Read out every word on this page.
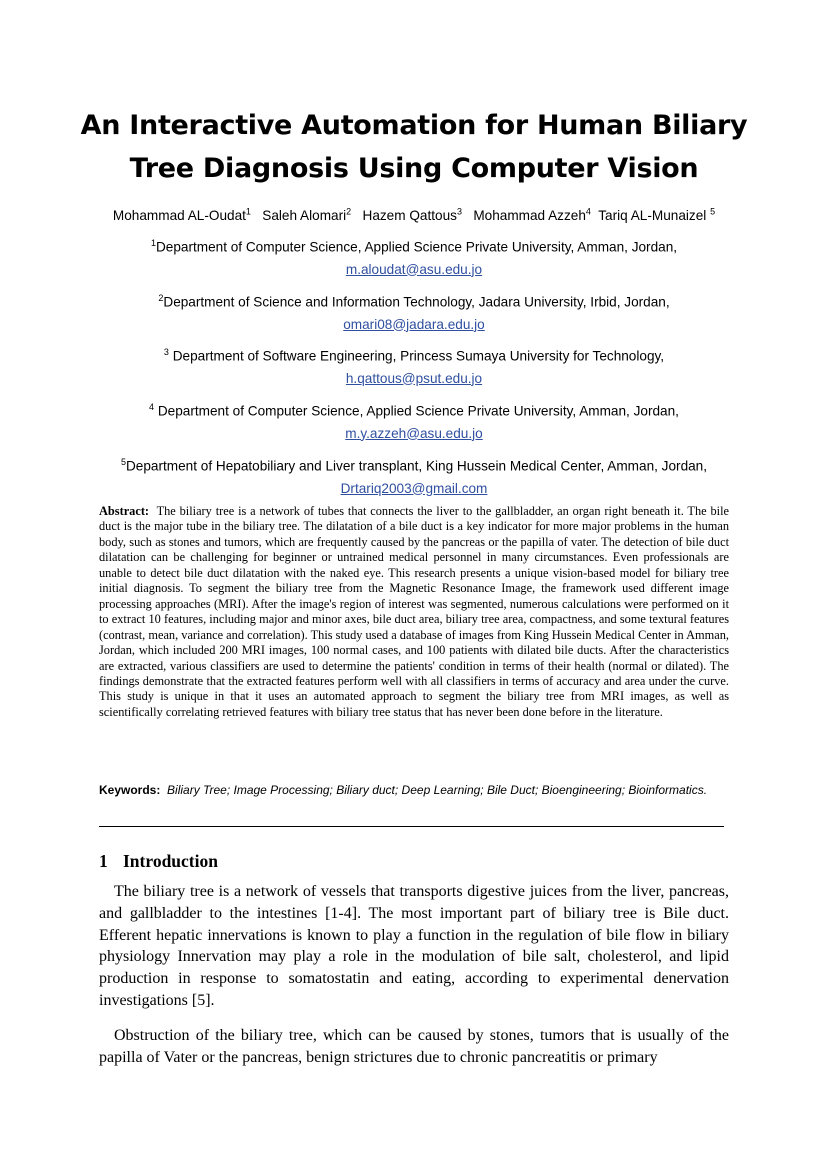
An Interactive Automation for Human Biliary
Tree Diagnosis Using Computer Vision
Mohammad AL-Oudat$^1$ Saleh Alomari$^2$ Hazem Qattous$^3$ Mohammad Azzeh$^4$ Tariq AL-Munaizel $^5$
$^1$Department of Computer Science, Applied Science Private University, Amman, Jordan,
m.aloudat@asu.edu.jo
$^2$Department of Science and Information Technology, Jadara University, Irbid, Jordan,
omari08@jadara.edu.jo
$^3$ Department of Software Engineering, Princess Sumaya University for Technology,
h.qattous@psut.edu.jo
$^4$ Department of Computer Science, Applied Science Private University, Amman, Jordan,
m.y.azzeh@asu.edu.jo
$^5$Department of Hepatobiliary and Liver transplant, King Hussein Medical Center, Amman, Jordan,
Drtariq2003@gmail.com
Abstract: The biliary tree is a network of tubes that connects the liver to the gallbladder, an organ right beneath it. The bile duct is the major tube in the biliary tree. The dilatation of a bile duct is a key indicator for more major problems in the human body, such as stones and tumors, which are frequently caused by the pancreas or the papilla of vater. The detection of bile duct dilatation can be challenging for beginner or untrained medical personnel in many circumstances. Even professionals are unable to detect bile duct dilatation with the naked eye. This research presents a unique vision-based model for biliary tree initial diagnosis. To segment the biliary tree from the Magnetic Resonance Image, the framework used different image processing approaches (MRI). After the image's region of interest was segmented, numerous calculations were performed on it to extract 10 features, including major and minor axes, bile duct area, biliary tree area, compactness, and some textural features (contrast, mean, variance and correlation). This study used a database of images from King Hussein Medical Center in Amman, Jordan, which included 200 MRI images, 100 normal cases, and 100 patients with dilated bile ducts. After the characteristics are extracted, various classifiers are used to determine the patients' condition in terms of their health (normal or dilated). The findings demonstrate that the extracted features perform well with all classifiers in terms of accuracy and area under the curve. This study is unique in that it uses an automated approach to segment the biliary tree from MRI images, as well as scientifically correlating retrieved features with biliary tree status that has never been done before in the literature.
Keywords: Biliary Tree; Image Processing; Biliary duct; Deep Learning; Bile Duct; Bioengineering; Bioinformatics.
1 Introduction
The biliary tree is a network of vessels that transports digestive juices from the liver, pancreas, and gallbladder to the intestines [1-4]. The most important part of biliary tree is Bile duct. Efferent hepatic innervations is known to play a function in the regulation of bile flow in biliary physiology Innervation may play a role in the modulation of bile salt, cholesterol, and lipid production in response to somatostatin and eating, according to experimental denervation investigations [5].
Obstruction of the biliary tree, which can be caused by stones, tumors that is usually of the papilla of Vater or the pancreas, benign strictures due to chronic pancreatitis or primary
